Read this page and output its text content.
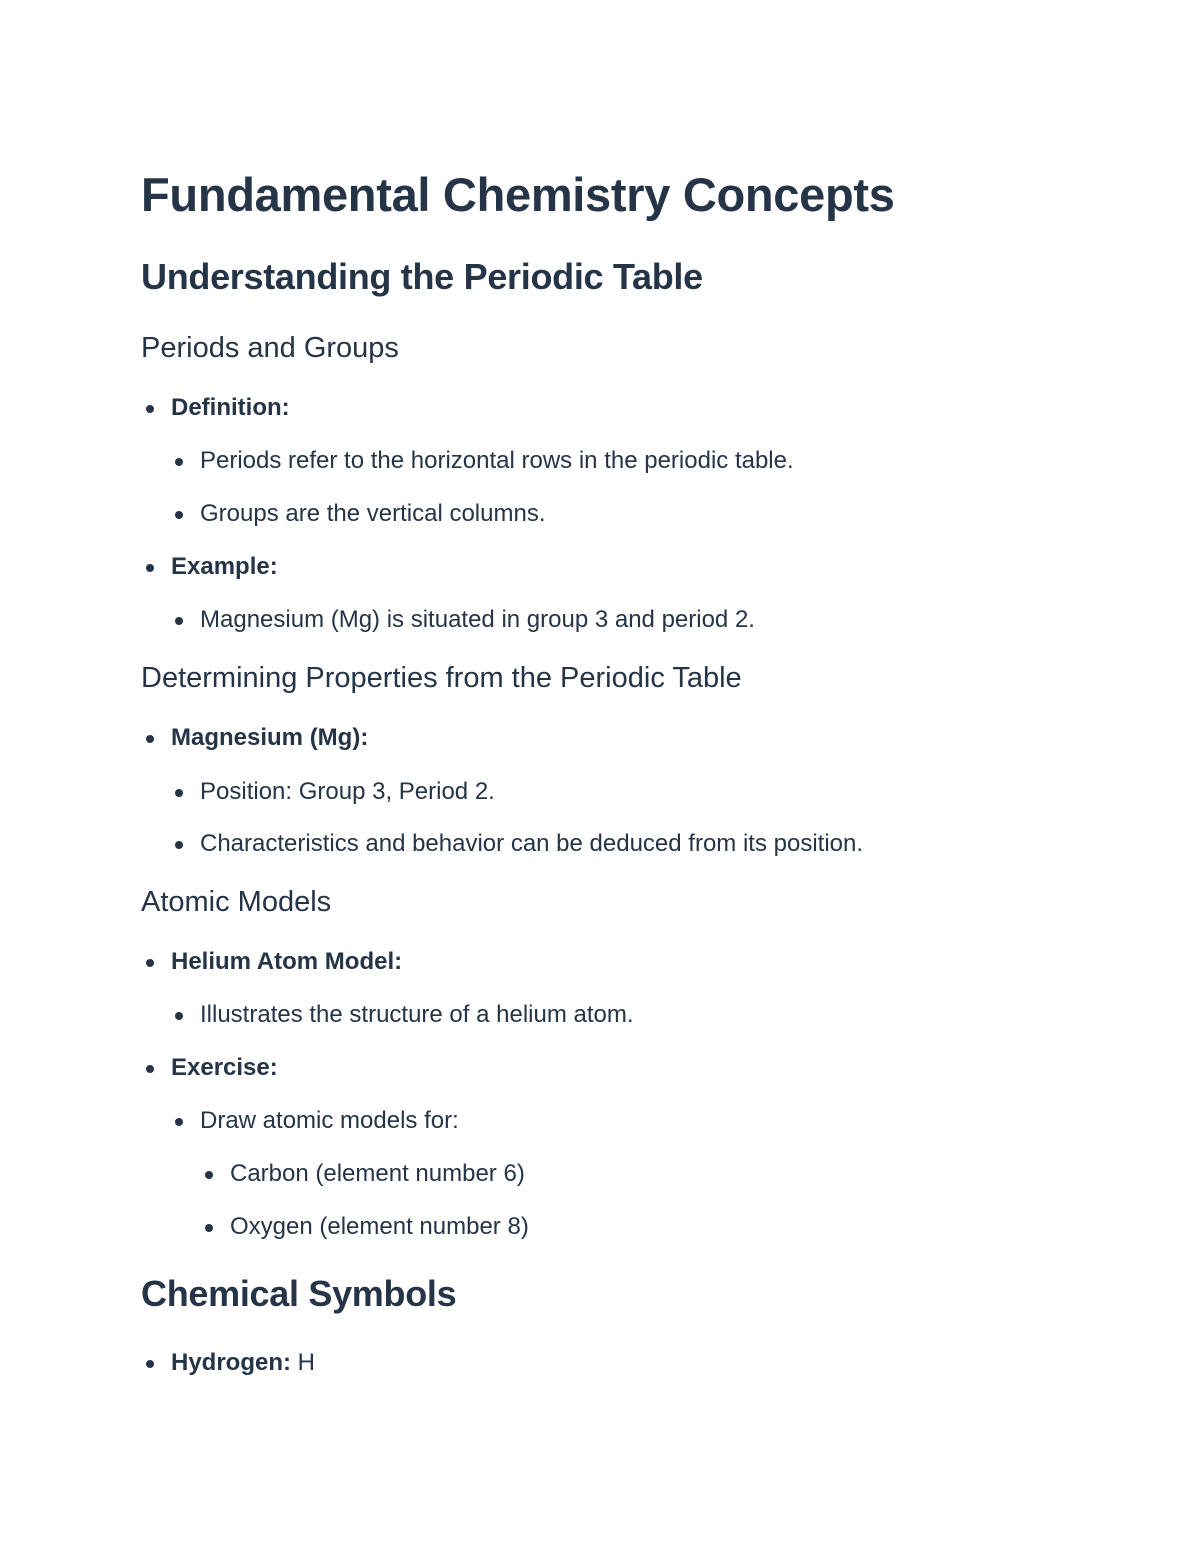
Fundamental Chemistry Concepts
Understanding the Periodic Table
Periods and Groups
Definition:
Periods refer to the horizontal rows in the periodic table.
Groups are the vertical columns.
Example:
Magnesium (Mg) is situated in group 3 and period 2.
Determining Properties from the Periodic Table
Magnesium (Mg):
Position: Group 3, Period 2.
Characteristics and behavior can be deduced from its position.
Atomic Models
Helium Atom Model:
Illustrates the structure of a helium atom.
Exercise:
Draw atomic models for:
Carbon (element number 6)
Oxygen (element number 8)
Chemical Symbols
Hydrogen: H
